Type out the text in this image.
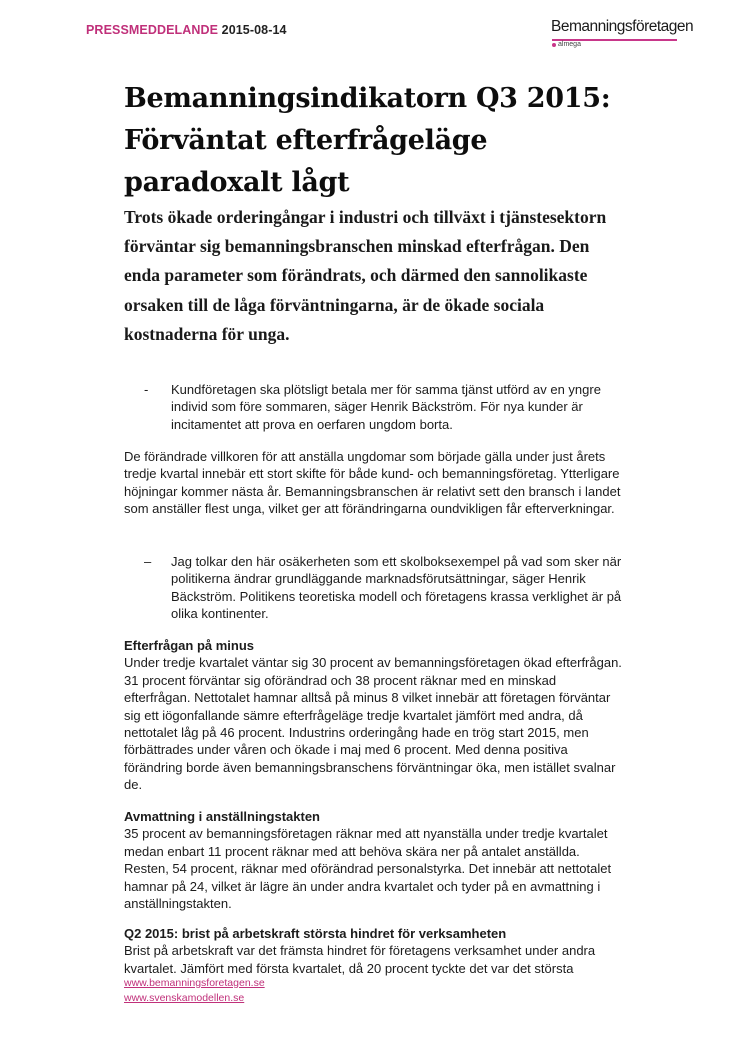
PRESSMEDDELANDE 2015-08-14	Bemanningsföretagen
almega
Bemanningsindikatorn Q3 2015: Förväntat efterfrågeläge paradoxalt lågt

Trots ökade orderingångar i industri och tillväxt i tjänstesektorn förväntar sig bemanningsbranschen minskad efterfrågan. Den enda parameter som förändrats, och därmed den sannolikaste orsaken till de låga förväntningarna, är de ökade sociala kostnaderna för unga.

- Kundföretagen ska plötsligt betala mer för samma tjänst utförd av en yngre individ som före sommaren, säger Henrik Bäckström. För nya kunder är incitamentet att prova en oerfaren ungdom borta.

De förändrade villkoren för att anställa ungdomar som började gälla under just årets tredje kvartal innebär ett stort skifte för både kund- och bemanningsföretag. Ytterligare höjningar kommer nästa år. Bemanningsbranschen är relativt sett den bransch i landet som anställer flest unga, vilket ger att förändringarna oundvikligen får efterverkningar.

– Jag tolkar den här osäkerheten som ett skolboksexempel på vad som sker när politikerna ändrar grundläggande marknadsförutsättningar, säger Henrik Bäckström. Politikens teoretiska modell och företagens krassa verklighet är på olika kontinenter.
Efterfrågan på minus
Under tredje kvartalet väntar sig 30 procent av bemanningsföretagen ökad efterfrågan. 31 procent förväntar sig oförändrad och 38 procent räknar med en minskad efterfrågan. Nettotalet hamnar alltså på minus 8 vilket innebär att företagen förväntar sig ett iögonfallande sämre efterfrågeläge tredje kvartalet jämfört med andra, då nettotalet låg på 46 procent. Industrins orderingång hade en trög start 2015, men förbättrades under våren och ökade i maj med 6 procent. Med denna positiva förändring borde även bemanningsbranschens förväntningar öka, men istället svalnar de.
Avmattning i anställningstakten
35 procent av bemanningsföretagen räknar med att nyanställa under tredje kvartalet medan enbart 11 procent räknar med att behöva skära ner på antalet anställda. Resten, 54 procent, räknar med oförändrad personalstyrka. Det innebär att nettotalet hamnar på 24, vilket är lägre än under andra kvartalet och tyder på en avmattning i anställningstakten.
Q2 2015: brist på arbetskraft största hindret för verksamheten
Brist på arbetskraft var det främsta hindret för företagens verksamhet under andra kvartalet. Jämfört med första kvartalet, då 20 procent tyckte det var det största
www.bemanningsforetagen.se
www.svenskamodellen.se
